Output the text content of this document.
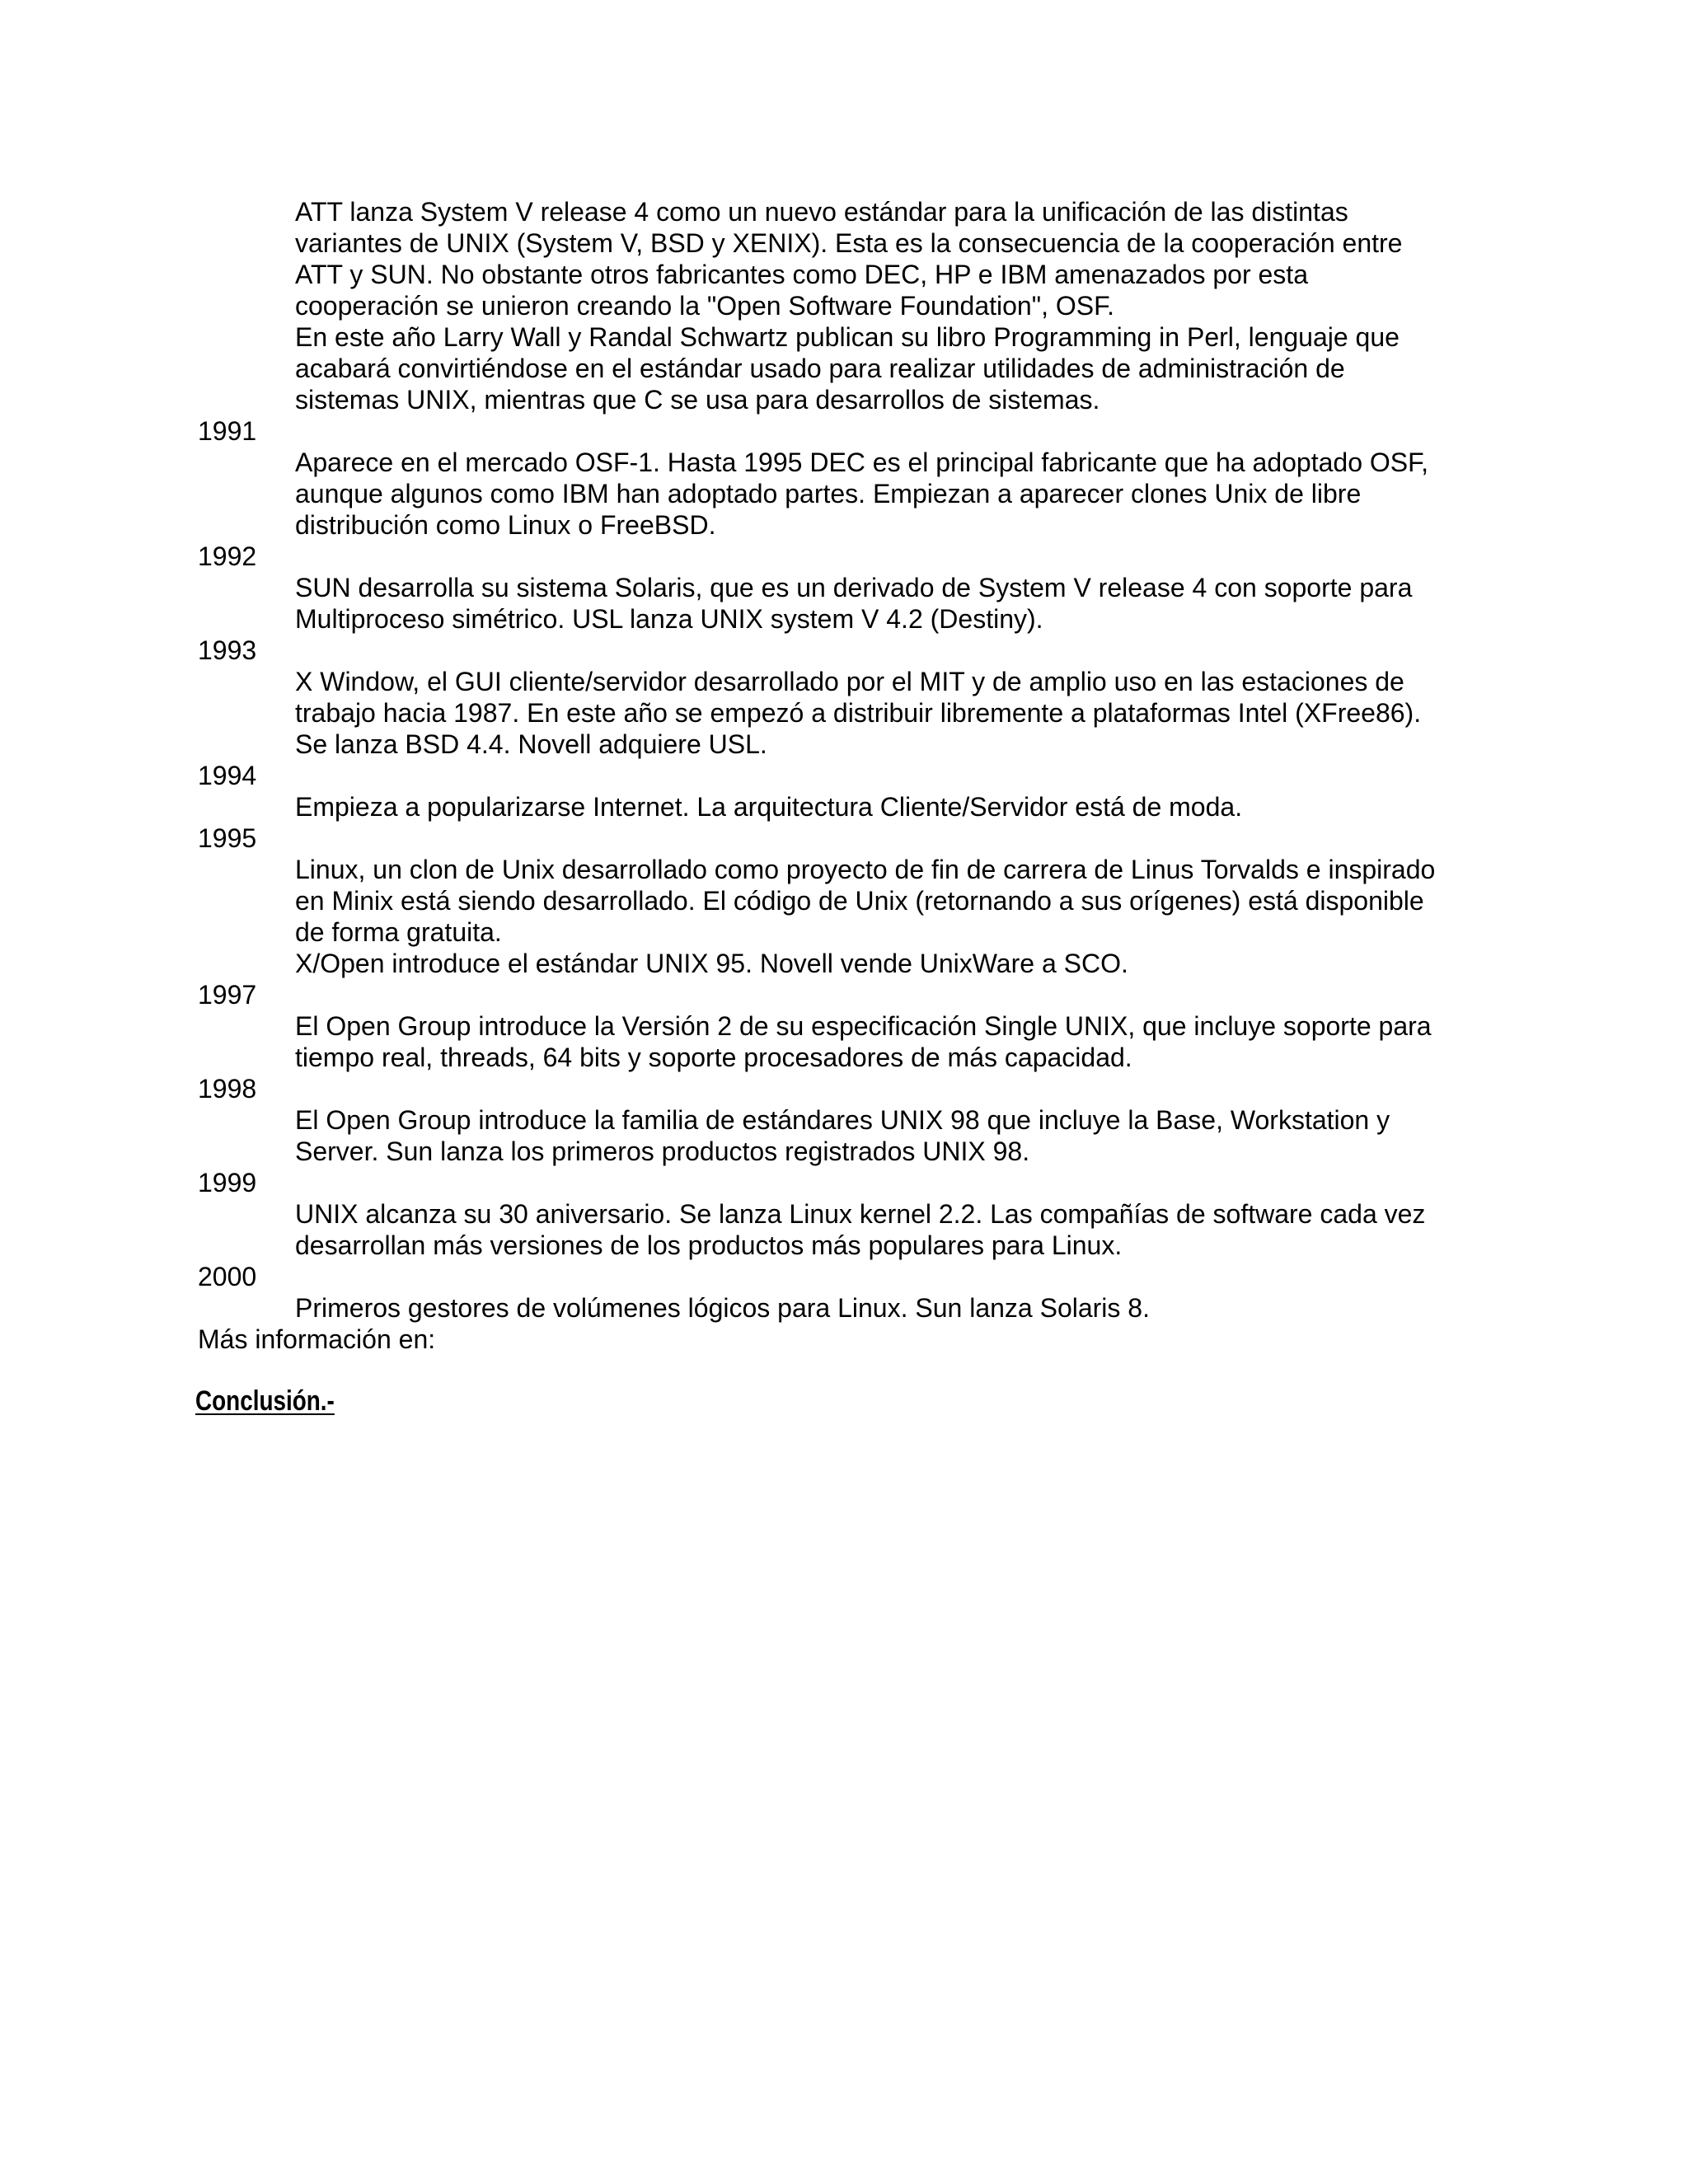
ATT lanza System V release 4 como un nuevo estándar para la unificación de las distintas
variantes de UNIX (System V, BSD y XENIX). Esta es la consecuencia de la cooperación entre
ATT y SUN. No obstante otros fabricantes como DEC, HP e IBM amenazados por esta
cooperación se unieron creando la "Open Software Foundation", OSF.
En este año Larry Wall y Randal Schwartz publican su libro Programming in Perl, lenguaje que
acabará convirtiéndose en el estándar usado para realizar utilidades de administración de
sistemas UNIX, mientras que C se usa para desarrollos de sistemas.
1991
Aparece en el mercado OSF-1. Hasta 1995 DEC es el principal fabricante que ha adoptado OSF,
aunque algunos como IBM han adoptado partes. Empiezan a aparecer clones Unix de libre
distribución como Linux o FreeBSD.
1992
SUN desarrolla su sistema Solaris, que es un derivado de System V release 4 con soporte para
Multiproceso simétrico. USL lanza UNIX system V 4.2 (Destiny).
1993
X Window, el GUI cliente/servidor desarrollado por el MIT y de amplio uso en las estaciones de
trabajo hacia 1987. En este año se empezó a distribuir libremente a plataformas Intel (XFree86).
Se lanza BSD 4.4. Novell adquiere USL.
1994
Empieza a popularizarse Internet. La arquitectura Cliente/Servidor está de moda.
1995
Linux, un clon de Unix desarrollado como proyecto de fin de carrera de Linus Torvalds e inspirado
en Minix está siendo desarrollado. El código de Unix (retornando a sus orígenes) está disponible
de forma gratuita.
X/Open introduce el estándar UNIX 95. Novell vende UnixWare a SCO.
1997
El Open Group introduce la Versión 2 de su especificación Single UNIX, que incluye soporte para
tiempo real, threads, 64 bits y soporte procesadores de más capacidad.
1998
El Open Group introduce la familia de estándares UNIX 98 que incluye la Base, Workstation y
Server. Sun lanza los primeros productos registrados UNIX 98.
1999
UNIX alcanza su 30 aniversario. Se lanza Linux kernel 2.2. Las compañías de software cada vez
desarrollan más versiones de los productos más populares para Linux.
2000
Primeros gestores de volúmenes lógicos para Linux. Sun lanza Solaris 8.
Más información en:
Conclusión.-
